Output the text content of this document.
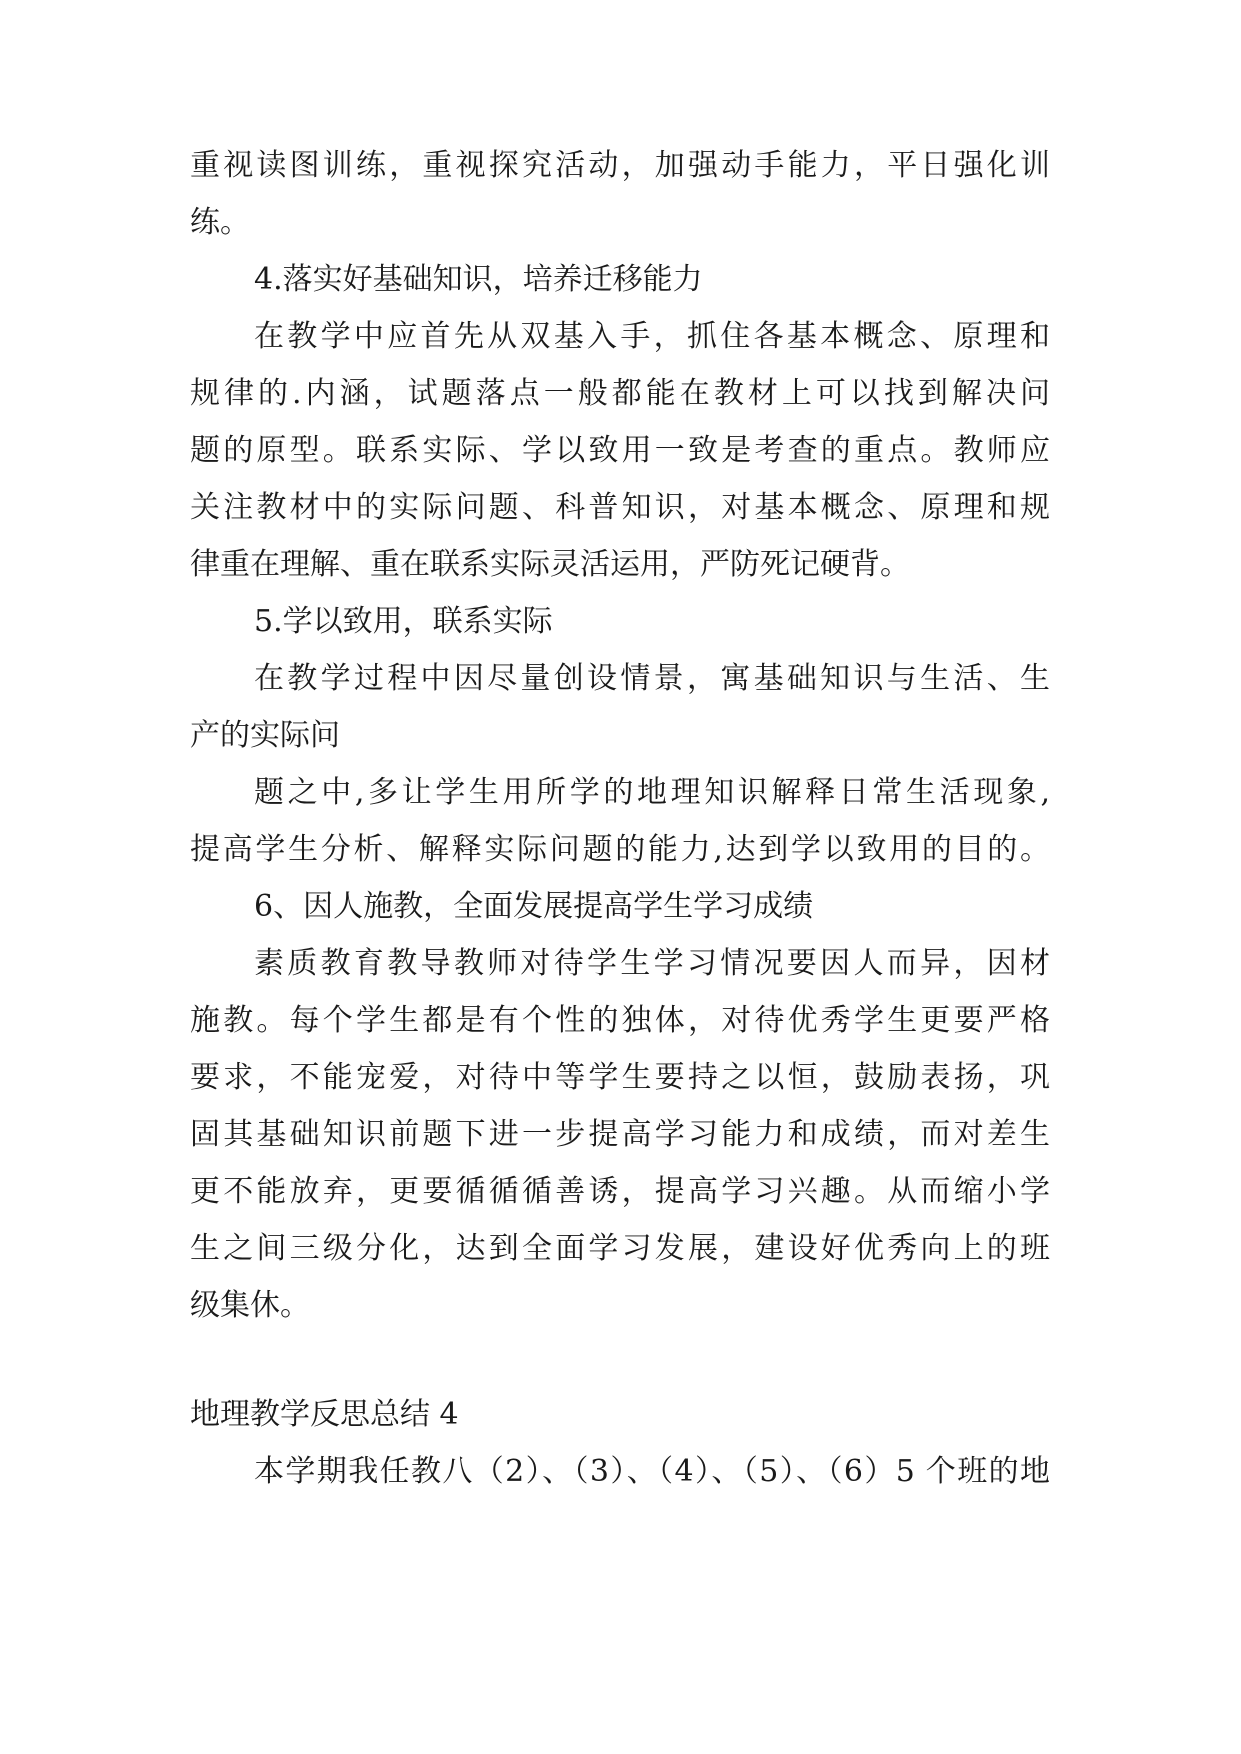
重视读图训练，重视探究活动，加强动手能力，平日强化训
练。
4.落实好基础知识，培养迁移能力
在教学中应首先从双基入手，抓住各基本概念、原理和
规律的.内涵，试题落点一般都能在教材上可以找到解决问
题的原型。联系实际、学以致用一致是考查的重点。教师应
关注教材中的实际问题、科普知识，对基本概念、原理和规
律重在理解、重在联系实际灵活运用，严防死记硬背。
5.学以致用，联系实际
在教学过程中因尽量创设情景，寓基础知识与生活、生
产的实际问
题之中,多让学生用所学的地理知识解释日常生活现象,
提高学生分析、解释实际问题的能力,达到学以致用的目的。
6、因人施教，全面发展提高学生学习成绩
素质教育教导教师对待学生学习情况要因人而异，因材
施教。每个学生都是有个性的独体，对待优秀学生更要严格
要求，不能宠爱，对待中等学生要持之以恒，鼓励表扬，巩
固其基础知识前题下进一步提高学习能力和成绩，而对差生
更不能放弃，更要循循循善诱，提高学习兴趣。从而缩小学
生之间三级分化，达到全面学习发展，建设好优秀向上的班
级集休。
地理教学反思总结 4
本学期我任教八（2）、（3）、（4）、（5）、（6）5 个班的地
